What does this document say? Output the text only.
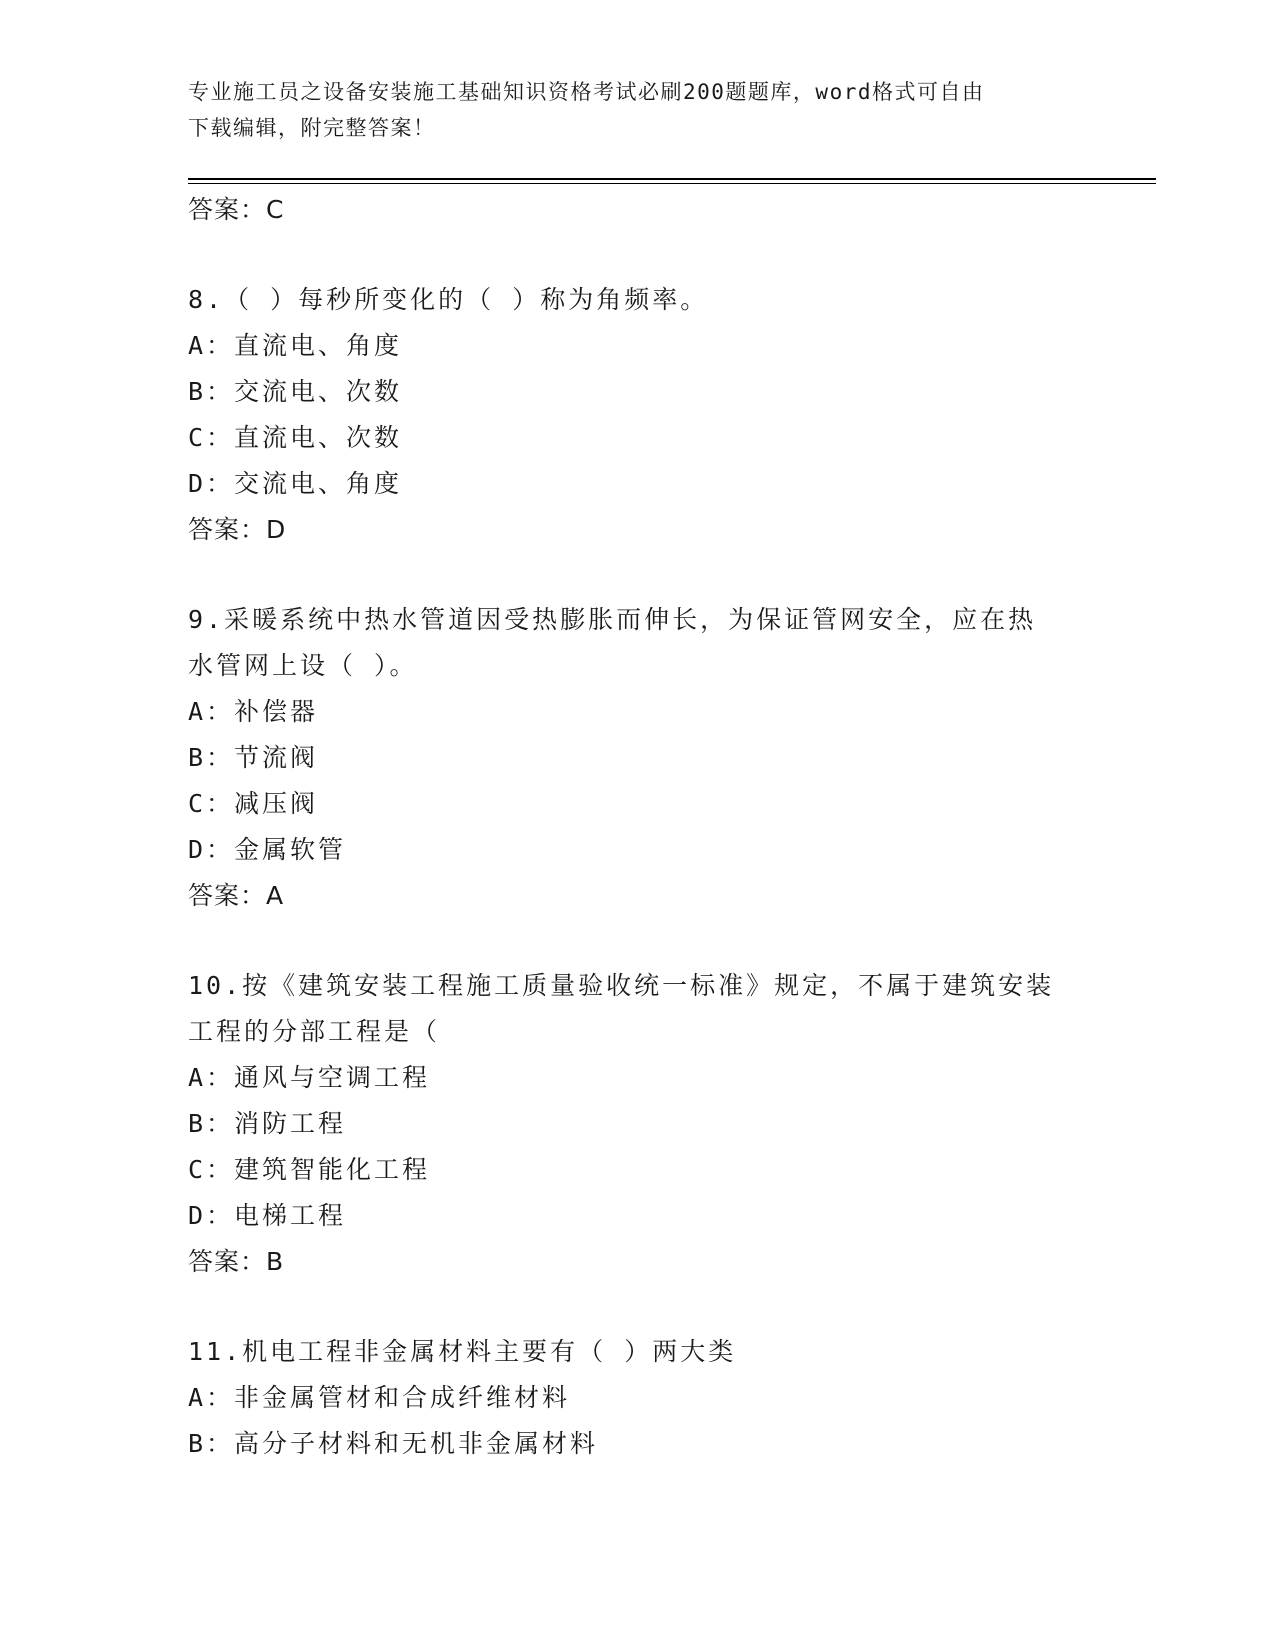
专业施工员之设备安装施工基础知识资格考试必刷200题题库，word格式可自由
下载编辑，附完整答案！
答案：C
8.（ ）每秒所变化的（ ）称为角频率。
A：直流电、角度
B：交流电、次数
C：直流电、次数
D：交流电、角度
答案：D
9.采暖系统中热水管道因受热膨胀而伸长，为保证管网安全，应在热
水管网上设（ ）。
A：补偿器
B：节流阀
C：减压阀
D：金属软管
答案：A
10.按《建筑安装工程施工质量验收统一标准》规定，不属于建筑安装
工程的分部工程是（
A：通风与空调工程
B：消防工程
C：建筑智能化工程
D：电梯工程
答案：B
11.机电工程非金属材料主要有（ ）两大类
A：非金属管材和合成纤维材料
B：高分子材料和无机非金属材料
